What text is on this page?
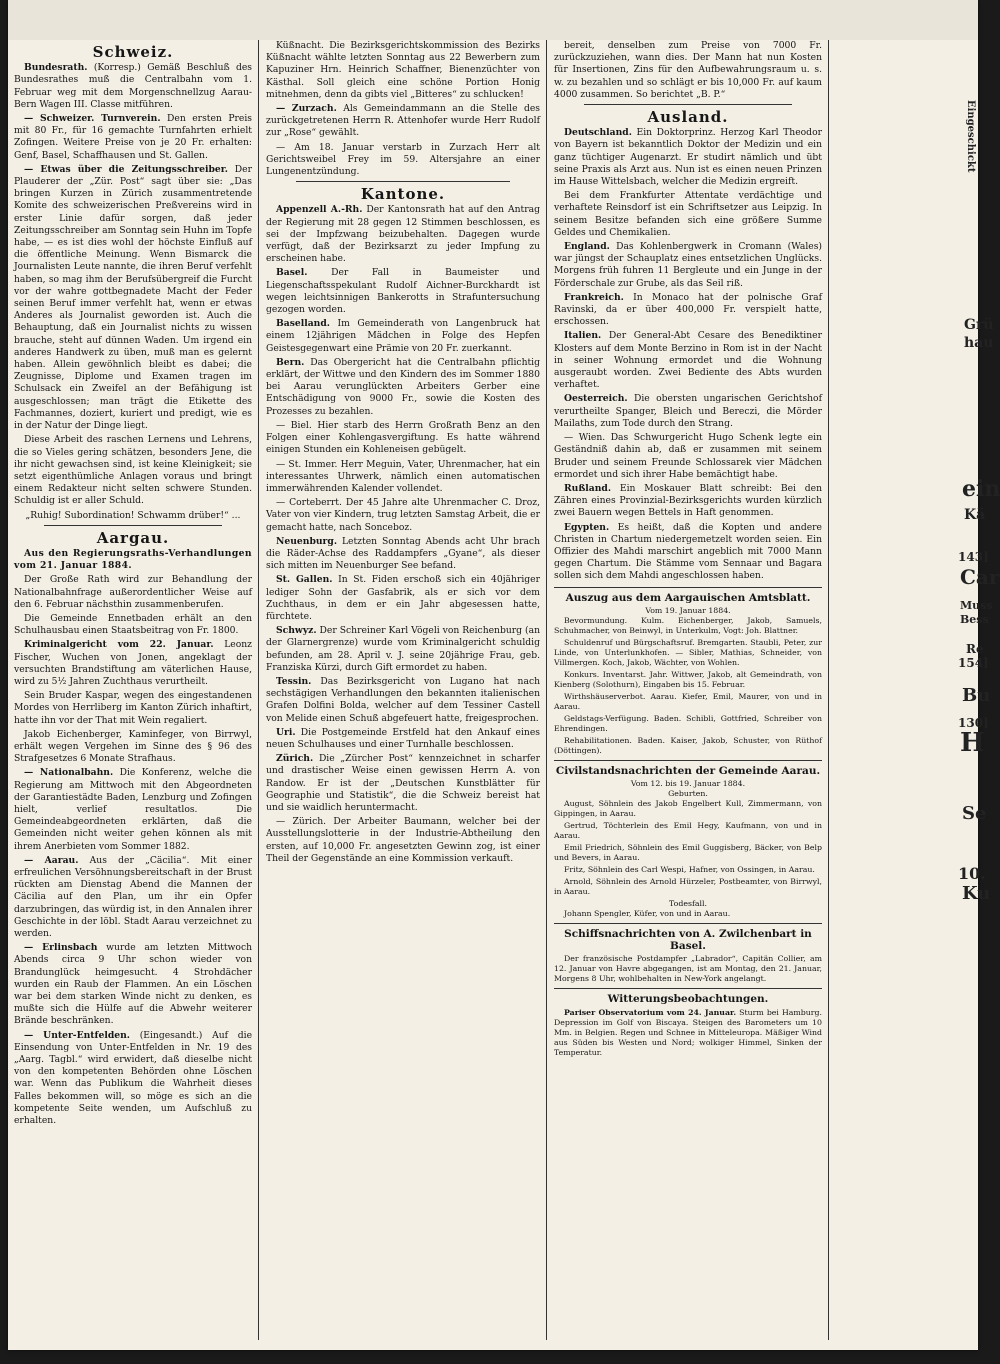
Schweiz.

Bundesrath. (Korresp.) Gemäß Beschluß des Bundesrathes muß die Centralbahn vom 1. Februar weg mit dem Morgenschnellzug Aarau-Bern Wagen III. Classe mitführen.

— Schweizer. Turnverein. Den ersten Preis mit 80 Fr., für 16 gemachte Turnfahrten erhielt Zofingen. Weitere Preise von je 20 Fr. erhalten: Genf, Basel, Schaffhausen und St. Gallen.

— Etwas über die Zeitungsschreiber. Der Plauderer der „Zür. Post“ sagt über sie: „Das bringen Kurzen in Zürich zusammentretende Komite des schweizerischen Preßvereins wird in erster Linie dafür sorgen, daß jeder Zeitungsschreiber am Sonntag sein Huhn im Topfe habe, — es ist dies wohl der höchste Einfluß auf die öffentliche Meinung. Wenn Bismarck die Journalisten Leute nannte, die ihren Beruf verfehlt haben, so mag ihm der Berufsübergreif die Furcht vor der wahre gottbegnadete Macht der Feder seinen Beruf immer verfehlt hat, wenn er etwas Anderes als Journalist geworden ist. Auch die Behauptung, daß ein Journalist nichts zu wissen brauche, steht auf dünnen Waden. Um irgend ein anderes Handwerk zu üben, muß man es gelernt haben. Allein gewöhnlich bleibt es dabei; die Zeugnisse, Diplome und Examen tragen im Schulsack ein Zweifel an der Befähigung ist ausgeschlossen; man trägt die Etikette des Fachmannes, doziert, kuriert und predigt, wie es in der Natur der Dinge liegt.

Diese Arbeit des raschen Lernens und Lehrens, die so Vieles gering schätzen, besonders Jene, die ihr nicht gewachsen sind, ist keine Kleinigkeit; sie setzt eigenthümliche Anlagen voraus und bringt einem Redakteur nicht selten schwere Stunden. Schuldig ist er aller Schuld.

„Ruhig! Subordination! Schwamm drüber!“ ...

Aargau.

Aus den Regierungsraths-Verhandlungen vom 21. Januar 1884.

Der Große Rath wird zur Behandlung der Nationalbahnfrage außerordentlicher Weise auf den 6. Februar nächsthin zusammenberufen.

Die Gemeinde Ennetbaden erhält an den Schulhausbau einen Staatsbeitrag von Fr. 1800.

Kriminalgericht vom 22. Januar. Leonz Fischer, Wuchen von Jonen, angeklagt der versuchten Brandstiftung am väterlichen Hause, wird zu 5½ Jahren Zuchthaus verurtheilt.

Sein Bruder Kaspar, wegen des eingestandenen Mordes von Herrliberg im Kanton Zürich inhaftirt, hatte ihn vor der That mit Wein regaliert.

Jakob Eichenberger, Kaminfeger, von Birrwyl, erhält wegen Vergehen im Sinne des § 96 des Strafgesetzes 6 Monate Strafhaus.

— Nationalbahn. Die Konferenz, welche die Regierung am Mittwoch mit den Abgeordneten der Garantiestädte Baden, Lenzburg und Zofingen hielt, verlief resultatlos. Die Gemeindeabgeordneten erklärten, daß die Gemeinden nicht weiter gehen können als mit ihrem Anerbieten vom Sommer 1882.

— Aarau. Aus der „Cäcilia“. Mit einer erfreulichen Versöhnungsbereitschaft in der Brust rückten am Dienstag Abend die Mannen der Cäcilia auf den Plan, um ihr ein Opfer darzubringen, das würdig ist, in den Annalen ihrer Geschichte in der löbl. Stadt Aarau verzeichnet zu werden.

— Erlinsbach wurde am letzten Mittwoch Abends circa 9 Uhr schon wieder von Brandunglück heimgesucht. 4 Strohdächer wurden ein Raub der Flammen. An ein Löschen war bei dem starken Winde nicht zu denken, es mußte sich die Hülfe auf die Abwehr weiterer Brände beschränken.

— Unter-Entfelden. (Eingesandt.) Auf die Einsendung von Unter-Entfelden in Nr. 19 des „Aarg. Tagbl.“ wird erwidert, daß dieselbe nicht von den kompetenten Behörden ohne Löschen war. Wenn das Publikum die Wahrheit dieses Falles bekommen will, so möge es sich an die kompetente Seite wenden, um Aufschluß zu erhalten.

Küßnacht. Die Bezirksgerichtskommission des Bezirks Küßnacht wählte letzten Sonntag aus 22 Bewerbern zum Kapuziner Hrn. Heinrich Schaffner, Bienenzüchter von Kästhal. Soll gleich eine schöne Portion Honig mitnehmen, denn da gibts viel „Bitteres“ zu schlucken!

— Zurzach. Als Gemeindammann an die Stelle des zurückgetretenen Herrn R. Attenhofer wurde Herr Rudolf zur „Rose“ gewählt.

— Am 18. Januar verstarb in Zurzach Herr alt Gerichtsweibel Frey im 59. Altersjahre an einer Lungenentzündung.

Kantone.

Appenzell A.-Rh. Der Kantonsrath hat auf den Antrag der Regierung mit 28 gegen 12 Stimmen beschlossen, es sei der Impfzwang beizubehalten. Dagegen wurde verfügt, daß der Bezirksarzt zu jeder Impfung zu erscheinen habe.

Basel.	Der Fall in Baumeister und Liegenschaftsspekulant Rudolf Aichner-Burckhardt ist wegen leichtsinnigen Bankerotts in Strafuntersuchung gezogen worden.

Baselland. Im Gemeinderath von Langenbruck hat einem 12jährigen Mädchen in Folge des Hepfen Geistesgegenwart eine Prämie von 20 Fr. zuerkannt.

Bern. Das Obergericht hat die Centralbahn pflichtig erklärt, der Wittwe und den Kindern des im Sommer 1880 bei Aarau verunglückten Arbeiters Gerber eine Entschädigung von 9000 Fr., sowie die Kosten des Prozesses zu bezahlen.

— Biel. Hier starb des Herrn Großrath Benz an den Folgen einer Kohlengasvergiftung. Es hatte während einigen Stunden ein Kohleneisen gebügelt.

— St. Immer. Herr Meguin, Vater, Uhrenmacher, hat ein interessantes Uhrwerk, nämlich einen automatischen immerwährenden Kalender vollendet.

— Corteberrt. Der 45 Jahre alte Uhrenmacher C. Droz, Vater von vier Kindern, trug letzten Samstag Arbeit, die er gemacht hatte, nach Sonceboz.

Neuenburg. Letzten Sonntag Abends acht Uhr brach die Räder-Achse des Raddampfers „Gyane“, als dieser sich mitten im Neuenburger See befand.

St. Gallen. In St. Fiden erschoß sich ein 40jähriger lediger Sohn der Gasfabrik, als er sich vor dem Zuchthaus, in dem er ein Jahr abgesessen hatte, fürchtete.

Schwyz. Der Schreiner Karl Vögeli von Reichenburg (an der Glarnergrenze) wurde vom Kriminalgericht schuldig befunden, am 28. April v. J. seine 20jährige Frau, geb. Franziska Kürzi, durch Gift ermordet zu haben.

Tessin. Das Bezirksgericht von Lugano hat nach sechstägigen Verhandlungen den bekannten italienischen Grafen Dolfini Bolda, welcher auf dem Tessiner Castell von Melide einen Schuß abgefeuert hatte, freigesprochen.

Uri. Die Postgemeinde Erstfeld hat den Ankauf eines neuen Schulhauses und einer Turnhalle beschlossen.

Zürich. Die „Zürcher Post“ kennzeichnet in scharfer und drastischer Weise einen gewissen Herrn A. von Randow. Er ist der „Deutschen Kunstblätter für Geographie und Statistik“, die die Schweiz bereist hat und sie waidlich heruntermacht.

— Zürich. Der Arbeiter Baumann, welcher bei der Ausstellungslotterie in der Industrie-Abtheilung den ersten, auf 10,000 Fr. angesetzten Gewinn zog, ist einer Theil der Gegenstände an eine Kommission verkauft.

bereit, denselben zum Preise von 7000 Fr. zurückzuziehen, wann dies. Der Mann hat nun Kosten für Insertionen, Zins für den Aufbewahrungsraum u. s. w. zu bezahlen und so schlägt er bis 10,000 Fr. auf kaum 4000 zusammen. So berichtet „B. P.“

Ausland.

Deutschland. Ein Doktorprinz. Herzog Karl Theodor von Bayern ist bekanntlich Doktor der Medizin und ein ganz tüchtiger Augenarzt. Er studirt nämlich und übt seine Praxis als Arzt aus. Nun ist es einen neuen Prinzen im Hause Wittelsbach, welcher die Medizin ergreift.

Bei dem Frankfurter Attentate verdächtige und verhaftete Reinsdorf ist ein Schriftsetzer aus Leipzig. In seinem Besitze befanden sich eine größere Summe Geldes und Chemikalien.

England. Das Kohlenbergwerk in Cromann (Wales) war jüngst der Schauplatz eines entsetzlichen Unglücks. Morgens früh fuhren 11 Bergleute und ein Junge in der Förderschale zur Grube, als das Seil riß.

Frankreich. In Monaco hat der polnische Graf Ravinski, da er über 400,000 Fr. verspielt hatte, erschossen.

Italien. Der General-Abt Cesare des Benediktiner Klosters auf dem Monte Berzino in Rom ist in der Nacht in seiner Wohnung ermordet und die Wohnung ausgeraubt worden. Zwei Bediente des Abts wurden verhaftet.

Oesterreich. Die obersten ungarischen Gerichtshof verurtheilte Spanger, Bleich und Bereczi, die Mörder Mailaths, zum Tode durch den Strang.

— Wien. Das Schwurgericht Hugo Schenk legte ein Geständniß dahin ab, daß er zusammen mit seinem Bruder und seinem Freunde Schlossarek vier Mädchen ermordet und sich ihrer Habe bemächtigt habe.

Rußland. Ein Moskauer Blatt schreibt: Bei den Zähren eines Provinzial-Bezirksgerichts wurden kürzlich zwei Bauern wegen Bettels in Haft genommen.

Egypten. Es heißt, daß die Kopten und andere Christen in Chartum niedergemetzelt worden seien. Ein Offizier des Mahdi marschirt angeblich mit 7000 Mann gegen Chartum. Die Stämme vom Sennaar und Bagara sollen sich dem Mahdi angeschlossen haben.

Auszug aus dem Aargauischen Amtsblatt.
Vom 19. Januar 1884.

Bevormundung. Kulm. Eichenberger, Jakob, Samuels, Schuhmacher, von Beinwyl, in Unterkulm, Vogt: Joh. Blattner.

Schuldenruf und Bürgschaftsruf. Bremgarten. Staubli, Peter, zur Linde, von Unterlunkhofen. — Sibler, Mathias, Schneider, von Villmergen. Koch, Jakob, Wächter, von Wohlen.

Konkurs. Inventarst. Jahr. Wittwer, Jakob, alt Gemeindrath, von Kienberg (Solothurn), Eingaben bis 15. Februar.

Wirthshäuserverbot. Aarau. Kiefer, Emil, Maurer, von und in Aarau.

Geldstags-Verfügung. Baden. Schibli, Gottfried, Schreiber von Ehrendingen.

Rehabilitationen. Baden. Kaiser, Jakob, Schuster, von Rüthof (Döttingen).

Civilstandsnachrichten der Gemeinde Aarau.
Vom 12. bis 19. Januar 1884.
Geburten.

August, Söhnlein des Jakob Engelbert Kull, Zimmermann, von Gippingen, in Aarau.

Gertrud, Töchterlein des Emil Hegy, Kaufmann, von und in Aarau.

Emil Friedrich, Söhnlein des Emil Guggisberg, Bäcker, von Belp und Bevers, in Aarau.

Fritz, Söhnlein des Carl Wespi, Hafner, von Ossingen, in Aarau.

Arnold, Söhnlein des Arnold Hürzeler, Postbeamter, von Birrwyl, in Aarau.

Todesfall.

Johann Spengler, Küfer, von und in Aarau.

Schiffsnachrichten von A. Zwilchenbart in Basel.

Der französische Postdampfer „Labrador“, Capitän Collier, am 12. Januar von Havre abgegangen, ist am Montag, den 21. Januar, Morgens 8 Uhr, wohlbehalten in New-York angelangt.

Witterungsbeobachtungen.

Pariser Observatorium vom 24. Januar. Sturm bei Hamburg. Depression im Golf von Biscaya. Steigen des Barometers um 10 Mm. in Belgien. Regen und Schnee in Mitteleuropa. Mäßiger Wind aus Süden bis Westen und Nord; wolkiger Himmel, Sinken der Temperatur.

Eingeschickt
Grü
hau
ein
Kä
143]
Car
Muss
Bess
Re
154]
Bu
130]
H
Se
10.
Ku
